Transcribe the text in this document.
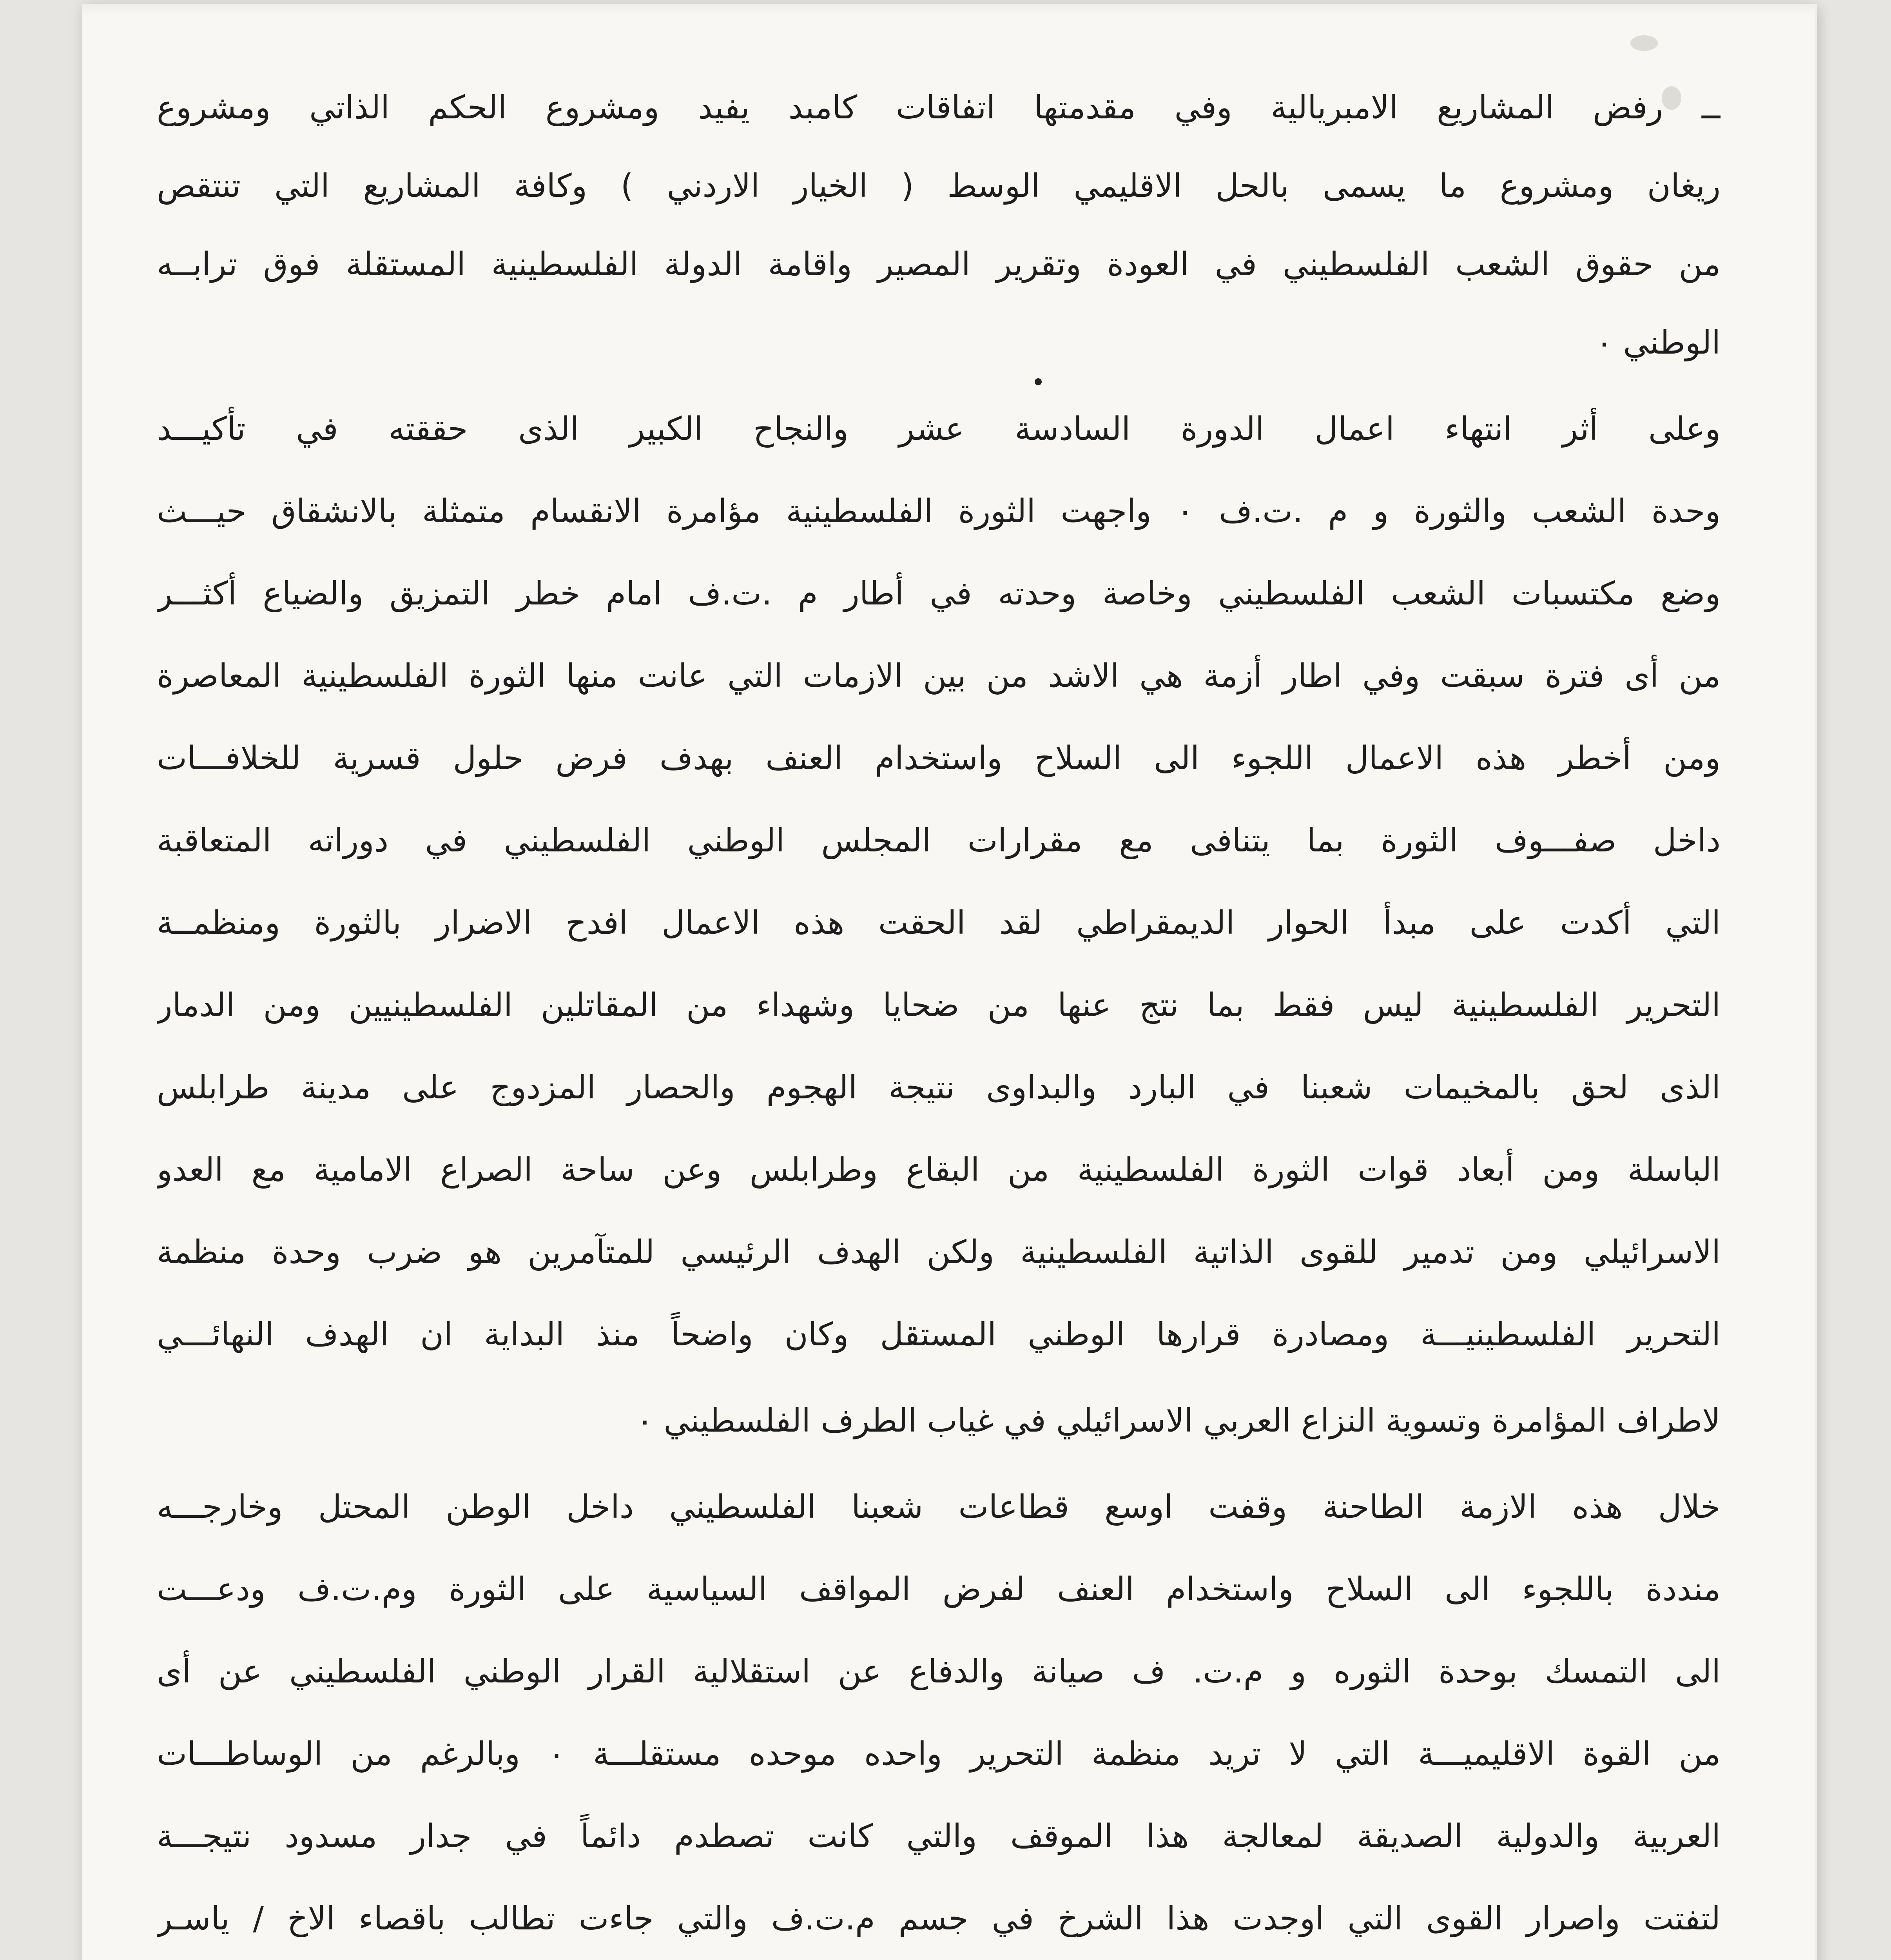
ــ رفض المشاريع الامبريالية وفي مقدمتها اتفاقات كامبد يفيد ومشروع الحكم الذاتي ومشروع
ريغان ومشروع ما يسمى بالحل الاقليمي الوسط ( الخيار الاردني ) وكافة المشاريع التي تنتقص
من حقوق الشعب الفلسطيني في العودة وتقرير المصير واقامة الدولة الفلسطينية المستقلة فوق ترابــه
الوطني ٠
وعلى أثر انتهاء اعمال الدورة السادسة عشر والنجاح الكبير الذى حققته في تأكيـــد
وحدة الشعب والثورة و م .ت.ف ٠ واجهت الثورة الفلسطينية مؤامرة الانقسام متمثلة بالانشقاق حيـــث
وضع مكتسبات الشعب الفلسطيني وخاصة وحدته في أطار م .ت.ف امام خطر التمزيق والضياع أكثـــر
من أى فترة سبقت وفي اطار أزمة هي الاشد من بين الازمات التي عانت منها الثورة الفلسطينية المعاصرة
ومن أخطر هذه الاعمال اللجوء الى السلاح واستخدام العنف بهدف فرض حلول قسرية للخلافـــات
داخل صفـــوف الثورة بما يتنافى مع مقرارات المجلس الوطني الفلسطيني في دوراته المتعاقبة
التي أكدت على مبدأ الحوار الديمقراطي لقد الحقت هذه الاعمال افدح الاضرار بالثورة ومنظمــة
التحرير الفلسطينية ليس فقط بما نتج عنها من ضحايا وشهداء من المقاتلين الفلسطينيين ومن الدمار
الذى لحق بالمخيمات شعبنا في البارد والبداوى نتيجة الهجوم والحصار المزدوج على مدينة طرابلس
الباسلة ومن أبعاد قوات الثورة الفلسطينية من البقاع وطرابلس وعن ساحة الصراع الامامية مع العدو
الاسرائيلي ومن تدمير للقوى الذاتية الفلسطينية ولكن الهدف الرئيسي للمتآمرين هو ضرب وحدة منظمة
التحرير الفلسطينيـــة ومصادرة قرارها الوطني المستقل وكان واضحاً منذ البداية ان الهدف النهائـــي
لاطراف المؤامرة وتسوية النزاع العربي الاسرائيلي في غياب الطرف الفلسطيني ٠
خلال هذه الازمة الطاحنة وقفت اوسع قطاعات شعبنا الفلسطيني داخل الوطن المحتل وخارجـــه
منددة باللجوء الى السلاح واستخدام العنف لفرض المواقف السياسية على الثورة وم.ت.ف ودعـــت
الى التمسك بوحدة الثوره و م.ت. ف صيانة والدفاع عن استقلالية القرار الوطني الفلسطيني عن أى
من القوة الاقليميـــة التي لا تريد منظمة التحرير واحده موحده مستقلـــة ٠ وبالرغم من الوساطـــات
العربية والدولية الصديقة لمعالجة هذا الموقف والتي كانت تصطدم دائماً في جدار مسدود نتيجـــة
لتفتت واصرار القوى التي اوجدت هذا الشرخ في جسم م.ت.ف والتي جاءت تطالب باقصاء الاخ / ياسـر
